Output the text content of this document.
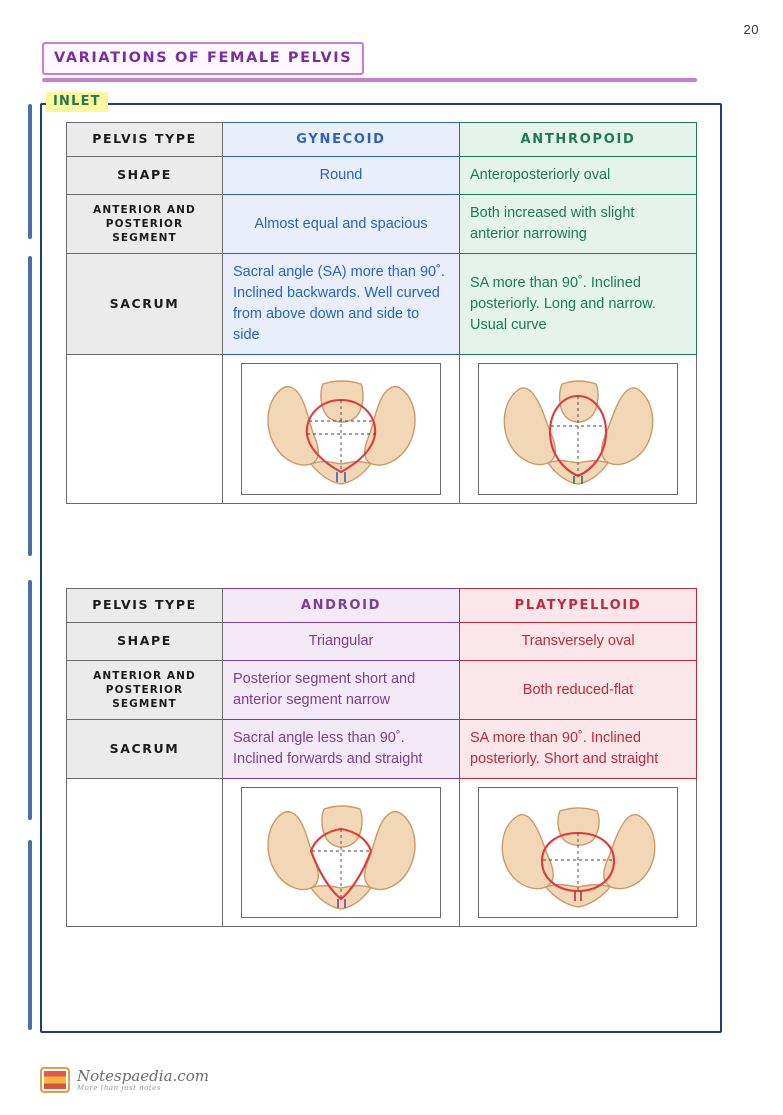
20
VARIATIONS OF FEMALE PELVIS
INLET
PELVIS TYPE	GYNECOID	ANTHROPOID
SHAPE	Round	Anteroposteriorly oval
ANTERIOR AND POSTERIOR SEGMENT	Almost equal and spacious	Both increased with slight anterior narrowing
SACRUM	Sacral angle (SA) more than 90˚. Inclined backwards. Well curved from above down and side to side	SA more than 90˚. Inclined posteriorly. Long and narrow. Usual curve

PELVIS TYPE	ANDROID	PLATYPELLOID
SHAPE	Triangular	Transversely oval
ANTERIOR AND POSTERIOR SEGMENT	Posterior segment short and anterior segment narrow	Both reduced-flat
SACRUM	Sacral angle less than 90˚. Inclined forwards and straight	SA more than 90˚. Inclined posteriorly. Short and straight

Notespaedia.com
More than just notes
